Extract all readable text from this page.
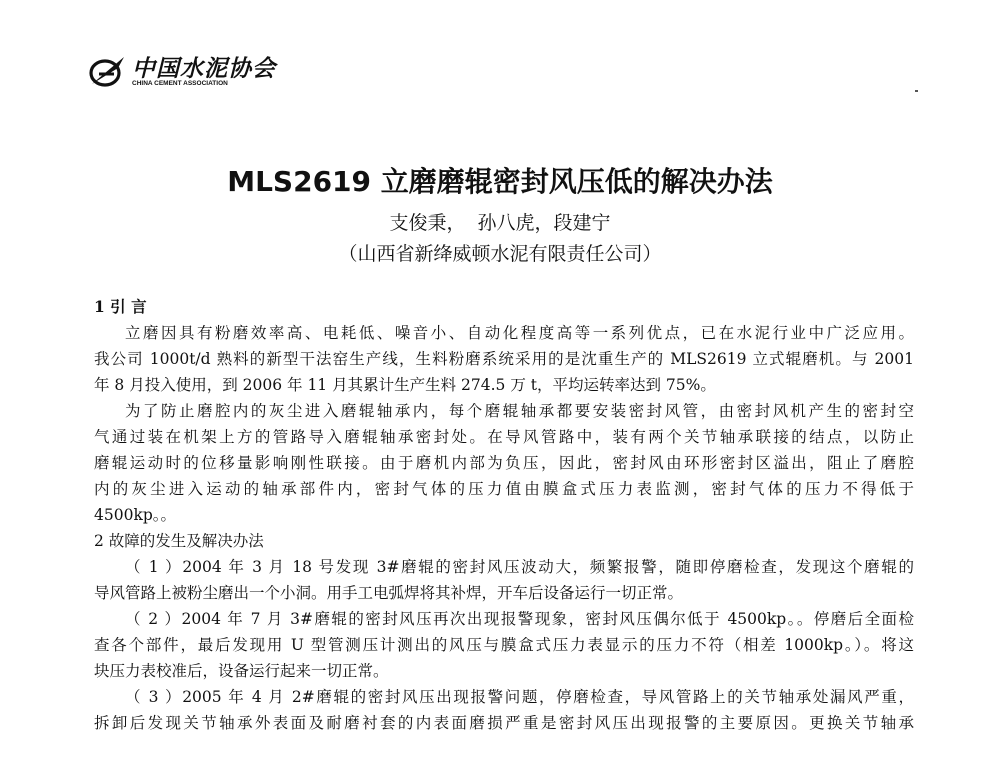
中国水泥协会
CHINA CEMENT ASSOCIATION
MLS2619 立磨磨辊密封风压低的解决办法
支俊秉，  孙八虎，段建宁
（山西省新绛威顿水泥有限责任公司）
1 引 言
立磨因具有粉磨效率高、电耗低、噪音小、自动化程度高等一系列优点，已在水泥行业中广泛应用。
我公司 1000t/d 熟料的新型干法窑生产线，生料粉磨系统采用的是沈重生产的 MLS2619 立式辊磨机。与 2001
年 8 月投入使用，到 2006 年 11 月其累计生产生料 274.5 万 t，平均运转率达到 75%。
为了防止磨腔内的灰尘进入磨辊轴承内，每个磨辊轴承都要安装密封风管，由密封风机产生的密封空
气通过装在机架上方的管路导入磨辊轴承密封处。在导风管路中，装有两个关节轴承联接的结点，以防止
磨辊运动时的位移量影响刚性联接。由于磨机内部为负压，因此，密封风由环形密封区溢出，阻止了磨腔
内的灰尘进入运动的轴承部件内，密封气体的压力值由膜盒式压力表监测，密封气体的压力不得低于
4500kp。。
2 故障的发生及解决办法
（ 1 ）2004 年 3 月 18 号发现 3#磨辊的密封风压波动大，频繁报警，随即停磨检查，发现这个磨辊的
导风管路上被粉尘磨出一个小洞。用手工电弧焊将其补焊，开车后设备运行一切正常。
（ 2 ）2004 年 7 月 3#磨辊的密封风压再次出现报警现象，密封风压偶尔低于 4500kp。。停磨后全面检
查各个部件，最后发现用 U 型管测压计测出的风压与膜盒式压力表显示的压力不符（相差 1000kp。）。将这
块压力表校准后，设备运行起来一切正常。
（ 3 ）2005 年 4 月 2#磨辊的密封风压出现报警问题，停磨检查，导风管路上的关节轴承处漏风严重，
拆卸后发现关节轴承外表面及耐磨衬套的内表面磨损严重是密封风压出现报警的主要原因。更换关节轴承
